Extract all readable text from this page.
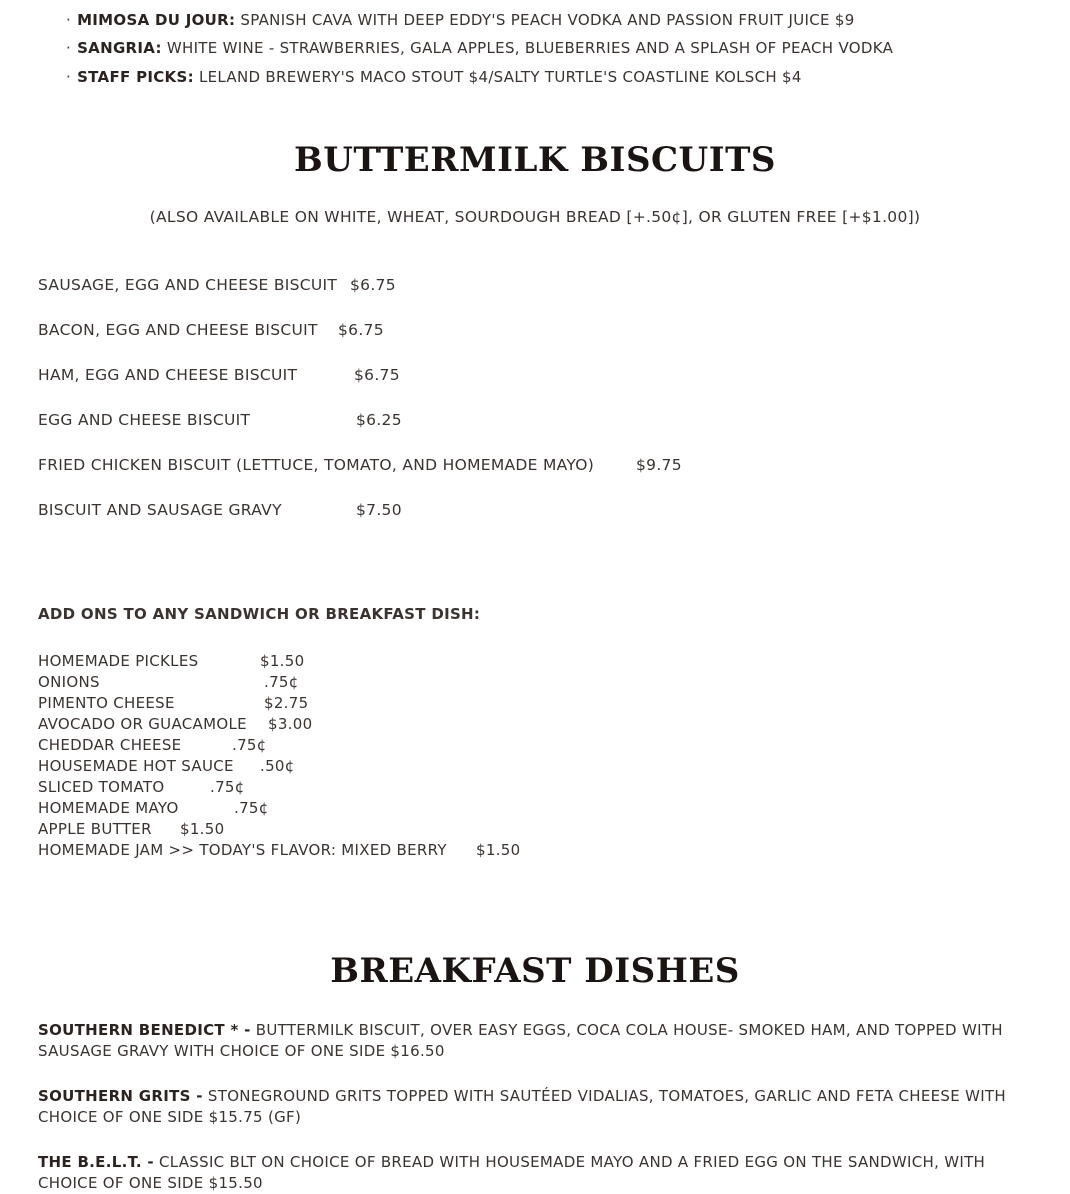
· MIMOSA DU JOUR: SPANISH CAVA WITH DEEP EDDY'S PEACH VODKA AND PASSION FRUIT JUICE $9
· SANGRIA: WHITE WINE - STRAWBERRIES, GALA APPLES, BLUEBERRIES AND A SPLASH OF PEACH VODKA
· STAFF PICKS: LELAND BREWERY'S MACO STOUT $4/SALTY TURTLE'S COASTLINE KOLSCH $4
BUTTERMILK BISCUITS
(ALSO AVAILABLE ON WHITE, WHEAT, SOURDOUGH BREAD [+.50¢], OR GLUTEN FREE [+$1.00])
SAUSAGE, EGG AND CHEESE BISCUIT $6.75
BACON, EGG AND CHEESE BISCUIT $6.75
HAM, EGG AND CHEESE BISCUIT	$6.75
EGG AND CHEESE BISCUIT	$6.25
FRIED CHICKEN BISCUIT (LETTUCE, TOMATO, AND HOMEMADE MAYO)	$9.75
BISCUIT AND SAUSAGE GRAVY	$7.50
ADD ONS TO ANY SANDWICH OR BREAKFAST DISH:
HOMEMADE PICKLES	$1.50
ONIONS	.75¢
PIMENTO CHEESE	$2.75
AVOCADO OR GUACAMOLE $3.00
CHEDDAR CHEESE	.75¢
HOUSEMADE HOT SAUCE .50¢
SLICED TOMATO	.75¢
HOMEMADE MAYO	.75¢
APPLE BUTTER $1.50
HOMEMADE JAM >> TODAY'S FLAVOR: MIXED BERRY $1.50
BREAKFAST DISHES
SOUTHERN BENEDICT * - BUTTERMILK BISCUIT, OVER EASY EGGS, COCA COLA HOUSE- SMOKED HAM, AND TOPPED WITH SAUSAGE GRAVY WITH CHOICE OF ONE SIDE $16.50
SOUTHERN GRITS - STONEGROUND GRITS TOPPED WITH SAUTÉED VIDALIAS, TOMATOES, GARLIC AND FETA CHEESE WITH CHOICE OF ONE SIDE $15.75 (GF)
THE B.E.L.T. - CLASSIC BLT ON CHOICE OF BREAD WITH HOUSEMADE MAYO AND A FRIED EGG ON THE SANDWICH, WITH CHOICE OF ONE SIDE $15.50
